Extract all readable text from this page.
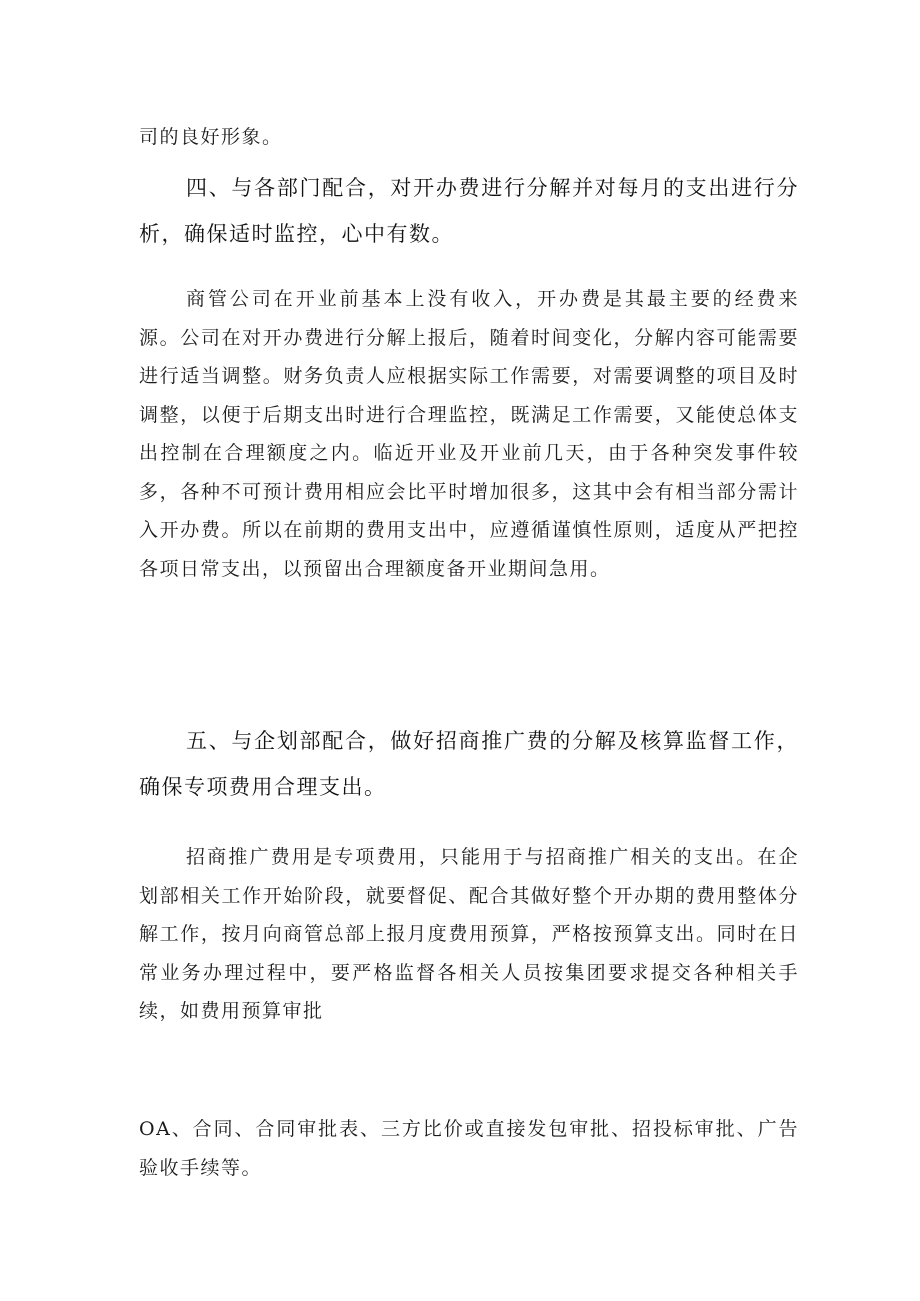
司的良好形象。

四、与各部门配合，对开办费进行分解并对每月的支出进行分析，确保适时监控，心中有数。

商管公司在开业前基本上没有收入，开办费是其最主要的经费来源。公司在对开办费进行分解上报后，随着时间变化，分解内容可能需要进行适当调整。财务负责人应根据实际工作需要，对需要调整的项目及时调整，以便于后期支出时进行合理监控，既满足工作需要，又能使总体支出控制在合理额度之内。临近开业及开业前几天，由于各种突发事件较多，各种不可预计费用相应会比平时增加很多，这其中会有相当部分需计入开办费。所以在前期的费用支出中，应遵循谨慎性原则，适度从严把控各项日常支出，以预留出合理额度备开业期间急用。

五、与企划部配合，做好招商推广费的分解及核算监督工作，确保专项费用合理支出。

招商推广费用是专项费用，只能用于与招商推广相关的支出。在企划部相关工作开始阶段，就要督促、配合其做好整个开办期的费用整体分解工作，按月向商管总部上报月度费用预算，严格按预算支出。同时在日常业务办理过程中，要严格监督各相关人员按集团要求提交各种相关手续，如费用预算审批

OA、合同、合同审批表、三方比价或直接发包审批、招投标审批、广告验收手续等。
